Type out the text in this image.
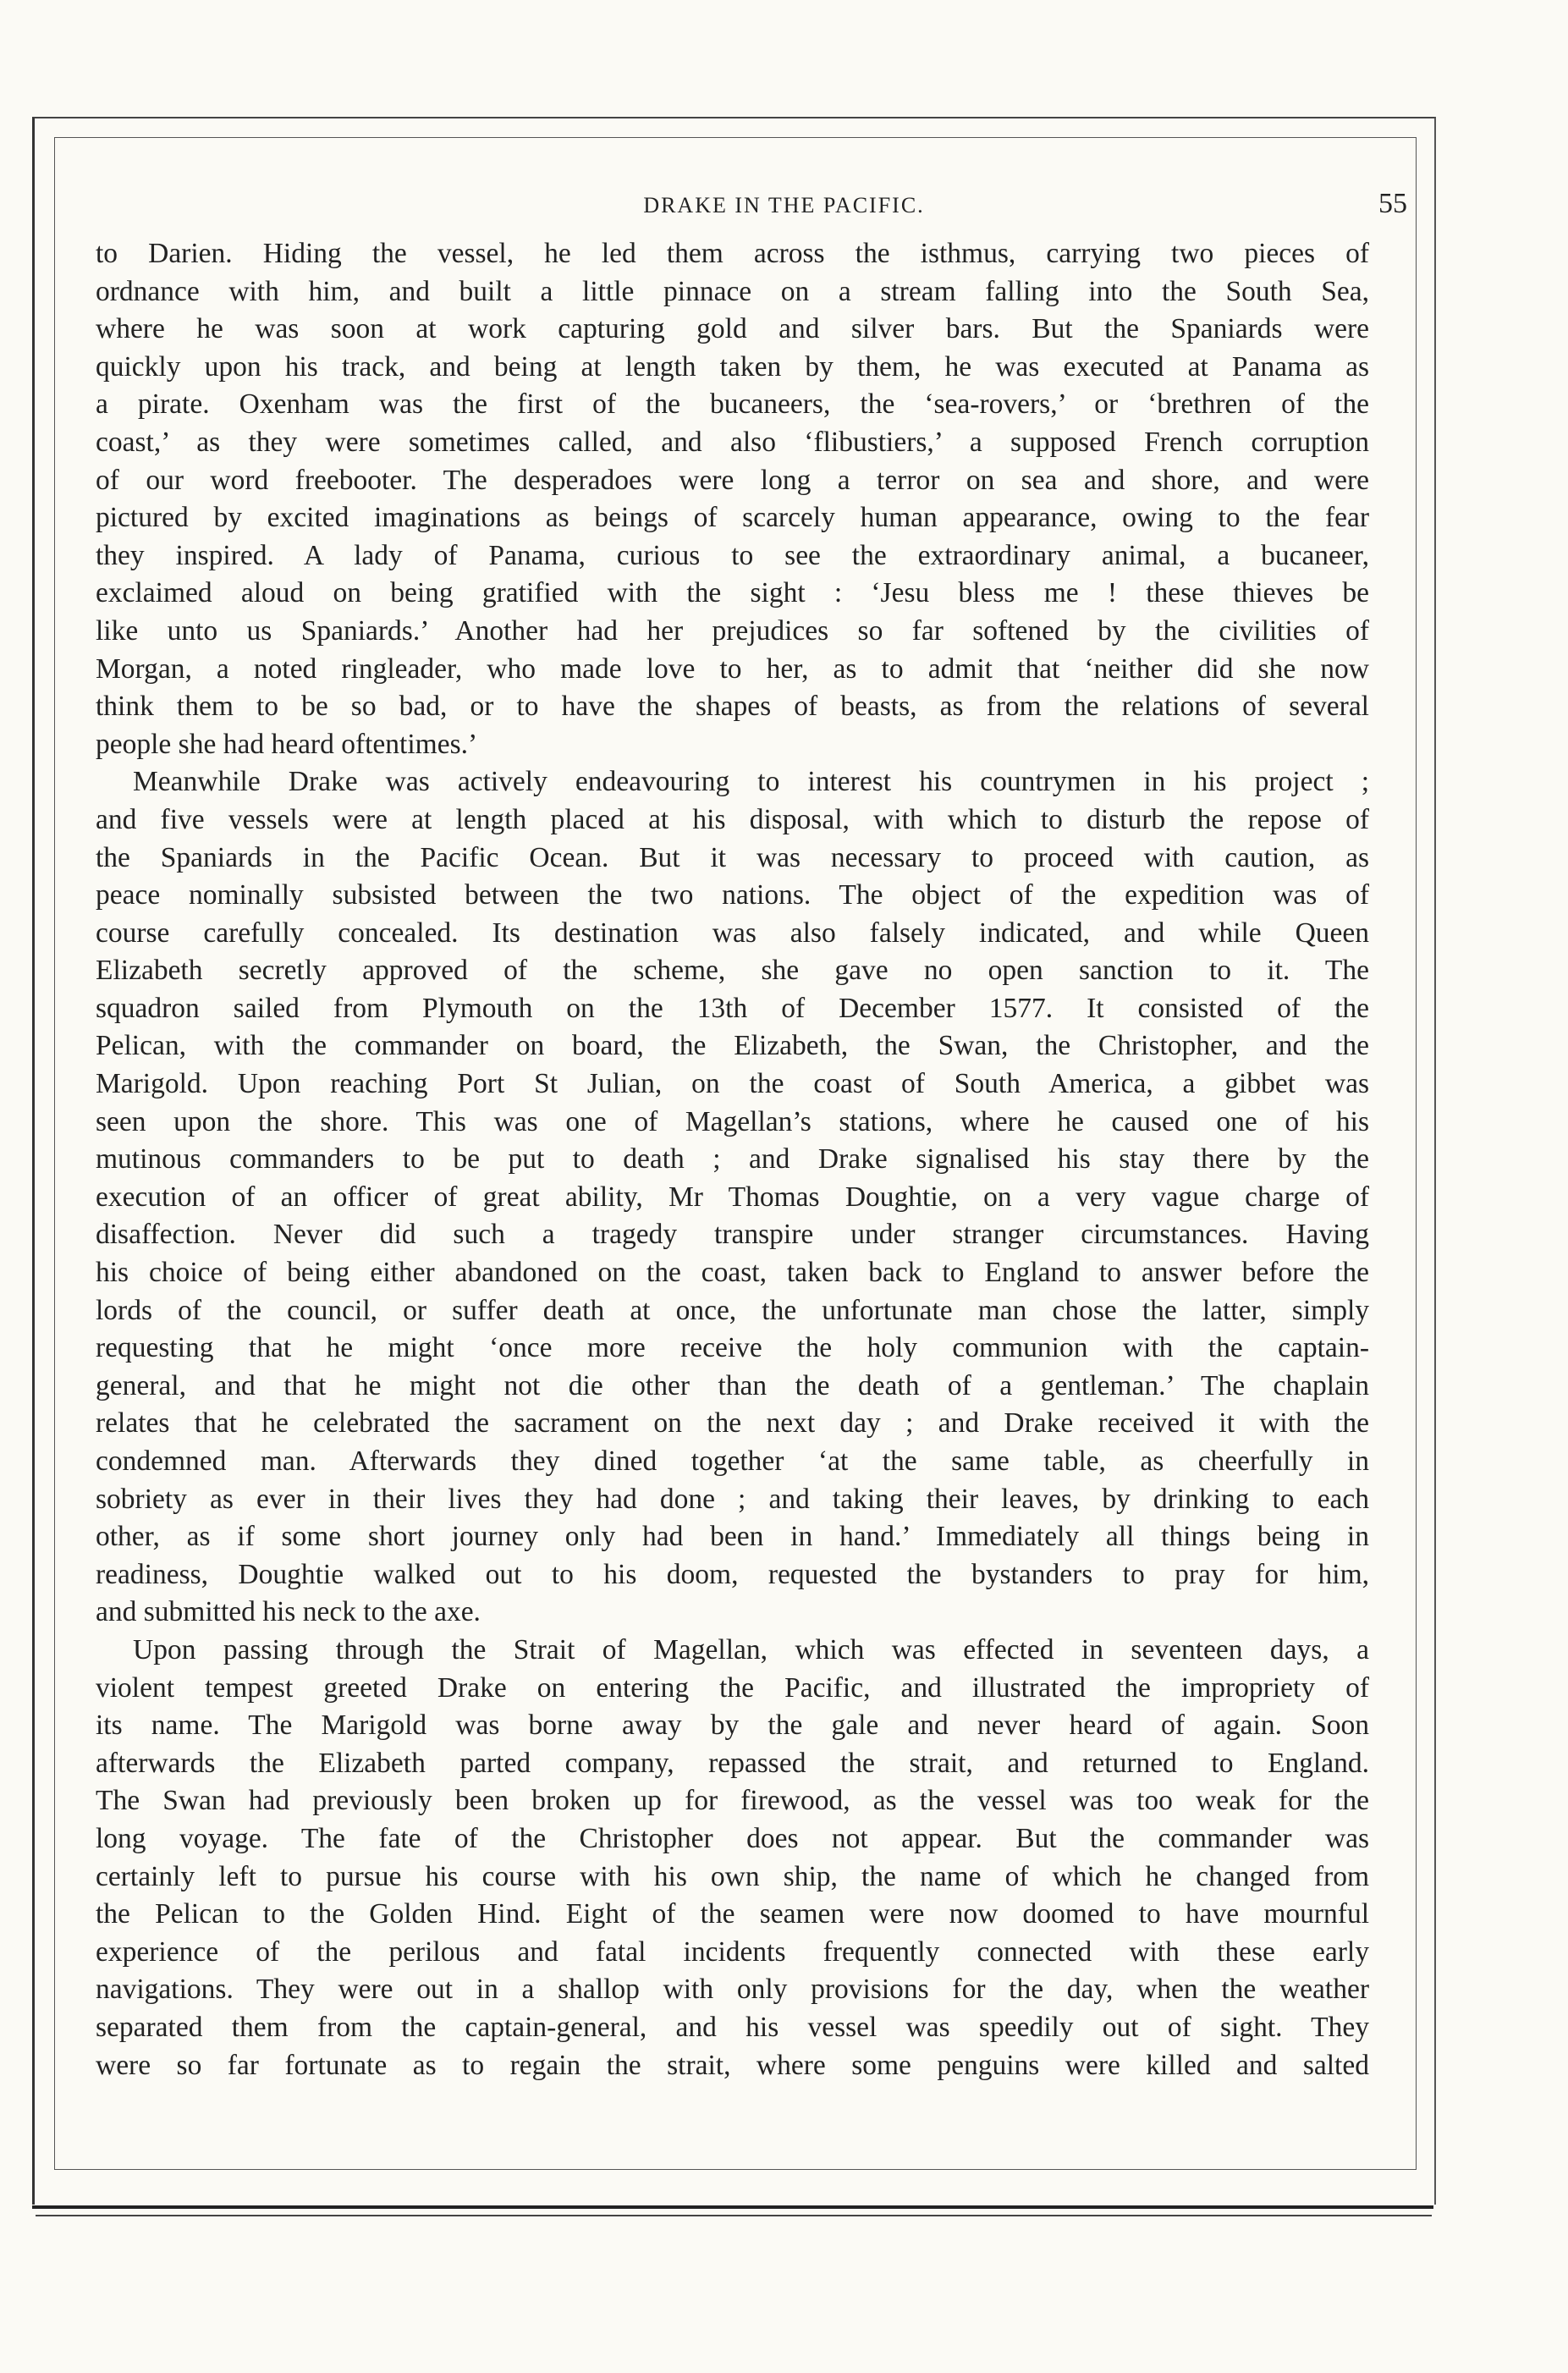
DRAKE IN THE PACIFIC.	55
to Darien. Hiding the vessel, he led them across the isthmus, carrying two pieces of
ordnance with him, and built a little pinnace on a stream falling into the South Sea,
where he was soon at work capturing gold and silver bars. But the Spaniards were
quickly upon his track, and being at length taken by them, he was executed at Panama as
a pirate. Oxenham was the first of the bucaneers, the ‘sea-rovers,’ or ‘brethren of the
coast,’ as they were sometimes called, and also ‘flibustiers,’ a supposed French corruption
of our word freebooter. The desperadoes were long a terror on sea and shore, and were
pictured by excited imaginations as beings of scarcely human appearance, owing to the fear
they inspired. A lady of Panama, curious to see the extraordinary animal, a bucaneer,
exclaimed aloud on being gratified with the sight : ‘Jesu bless me ! these thieves be
like unto us Spaniards.’ Another had her prejudices so far softened by the civilities of
Morgan, a noted ringleader, who made love to her, as to admit that ‘neither did she now
think them to be so bad, or to have the shapes of beasts, as from the relations of several
people she had heard oftentimes.’
Meanwhile Drake was actively endeavouring to interest his countrymen in his project ;
and five vessels were at length placed at his disposal, with which to disturb the repose of
the Spaniards in the Pacific Ocean. But it was necessary to proceed with caution, as
peace nominally subsisted between the two nations. The object of the expedition was of
course carefully concealed. Its destination was also falsely indicated, and while Queen
Elizabeth secretly approved of the scheme, she gave no open sanction to it. The
squadron sailed from Plymouth on the 13th of December 1577. It consisted of the
Pelican, with the commander on board, the Elizabeth, the Swan, the Christopher, and the
Marigold. Upon reaching Port St Julian, on the coast of South America, a gibbet was
seen upon the shore. This was one of Magellan’s stations, where he caused one of his
mutinous commanders to be put to death ; and Drake signalised his stay there by the
execution of an officer of great ability, Mr Thomas Doughtie, on a very vague charge of
disaffection. Never did such a tragedy transpire under stranger circumstances. Having
his choice of being either abandoned on the coast, taken back to England to answer before the
lords of the council, or suffer death at once, the unfortunate man chose the latter, simply
requesting that he might ‘once more receive the holy communion with the captain-
general, and that he might not die other than the death of a gentleman.’ The chaplain
relates that he celebrated the sacrament on the next day ; and Drake received it with the
condemned man. Afterwards they dined together ‘at the same table, as cheerfully in
sobriety as ever in their lives they had done ; and taking their leaves, by drinking to each
other, as if some short journey only had been in hand.’ Immediately all things being in
readiness, Doughtie walked out to his doom, requested the bystanders to pray for him,
and submitted his neck to the axe.
Upon passing through the Strait of Magellan, which was effected in seventeen days, a
violent tempest greeted Drake on entering the Pacific, and illustrated the impropriety of
its name. The Marigold was borne away by the gale and never heard of again. Soon
afterwards the Elizabeth parted company, repassed the strait, and returned to England.
The Swan had previously been broken up for firewood, as the vessel was too weak for the
long voyage. The fate of the Christopher does not appear. But the commander was
certainly left to pursue his course with his own ship, the name of which he changed from
the Pelican to the Golden Hind. Eight of the seamen were now doomed to have mournful
experience of the perilous and fatal incidents frequently connected with these early
navigations. They were out in a shallop with only provisions for the day, when the weather
separated them from the captain-general, and his vessel was speedily out of sight. They
were so far fortunate as to regain the strait, where some penguins were killed and salted
